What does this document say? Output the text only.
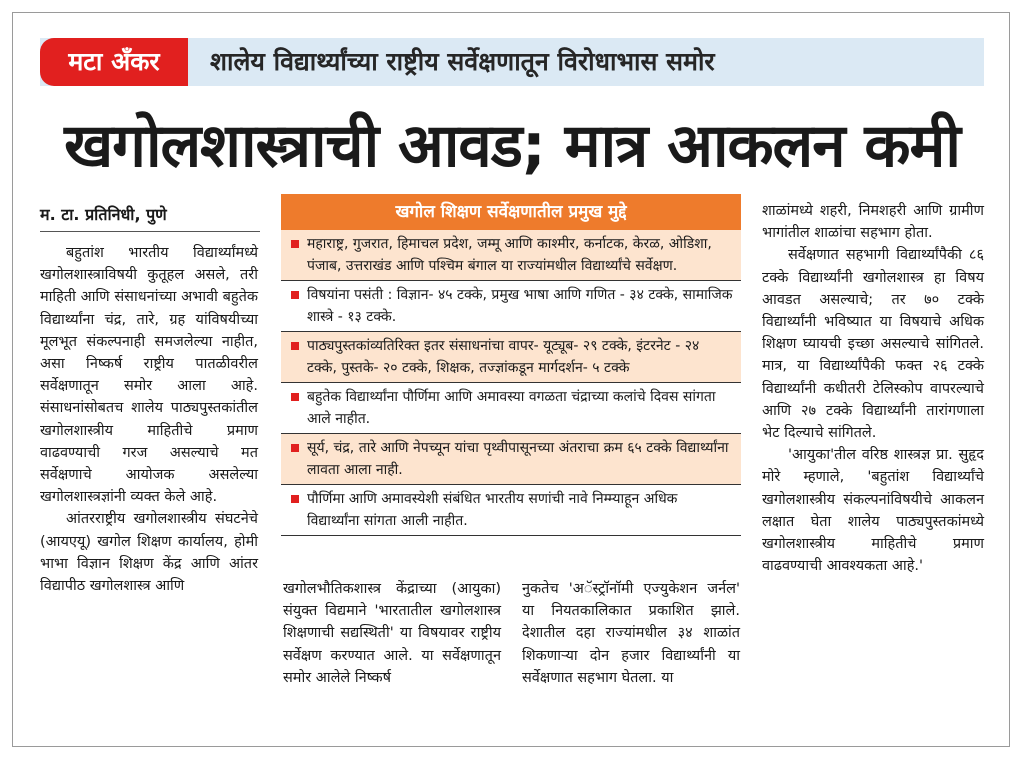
मटा अँकर	शालेय विद्यार्थ्यांच्या राष्ट्रीय सर्वेक्षणातून विरोधाभास समोर
खगोलशास्त्राची आवड; मात्र आकलन कमी
म. टा. प्रतिनिधी, पुणे

बहुतांश भारतीय विद्यार्थ्यांमध्ये खगोलशास्त्राविषयी कुतूहल असले, तरी माहिती आणि संसाधनांच्या अभावी बहुतेक विद्यार्थ्यांना चंद्र, तारे, ग्रह यांविषयीच्या मूलभूत संकल्पनाही समजलेल्या नाहीत, असा निष्कर्ष राष्ट्रीय पातळीवरील सर्वेक्षणातून समोर आला आहे. संसाधनांसोबतच शालेय पाठ्यपुस्तकांतील खगोलशास्त्रीय माहितीचे प्रमाण वाढवण्याची गरज असल्याचे मत सर्वेक्षणाचे आयोजक असलेल्या खगोलशास्त्रज्ञांनी व्यक्त केले आहे.

आंतरराष्ट्रीय खगोलशास्त्रीय संघटनेचे (आयएयू) खगोल शिक्षण कार्यालय, होमी भाभा विज्ञान शिक्षण केंद्र आणि आंतर विद्यापीठ खगोलशास्त्र आणि

खगोल शिक्षण सर्वेक्षणातील प्रमुख मुद्दे
महाराष्ट्र, गुजरात, हिमाचल प्रदेश, जम्मू आणि काश्मीर, कर्नाटक, केरळ, ओडिशा, पंजाब, उत्तराखंड आणि पश्चिम बंगाल या राज्यांमधील विद्यार्थ्यांचे सर्वेक्षण.
विषयांना पसंती : विज्ञान- ४५ टक्के, प्रमुख भाषा आणि गणित - ३४ टक्के, सामाजिक शास्त्रे - १३ टक्के.
पाठ्यपुस्तकांव्यतिरिक्त इतर संसाधनांचा वापर- यूट्यूब- २९ टक्के, इंटरनेट - २४ टक्के, पुस्तके- २० टक्के, शिक्षक, तज्ज्ञांकडून मार्गदर्शन- ५ टक्के
बहुतेक विद्यार्थ्यांना पौर्णिमा आणि अमावस्या वगळता चंद्राच्या कलांचे दिवस सांगता आले नाहीत.
सूर्य, चंद्र, तारे आणि नेपच्यून यांचा पृथ्वीपासूनच्या अंतराचा क्रम ६५ टक्के विद्यार्थ्यांना लावता आला नाही.
पौर्णिमा आणि अमावस्येशी संबंधित भारतीय सणांची नावे निम्म्याहून अधिक विद्यार्थ्यांना सांगता आली नाहीत.

खगोलभौतिकशास्त्र केंद्राच्या (आयुका) संयुक्त विद्यमाने 'भारतातील खगोलशास्त्र शिक्षणाची सद्यस्थिती' या विषयावर राष्ट्रीय सर्वेक्षण करण्यात आले. या सर्वेक्षणातून समोर आलेले निष्कर्ष

नुकतेच 'अॅस्ट्रॉनॉमी एज्युकेशन जर्नल' या नियतकालिकात प्रकाशित झाले. देशातील दहा राज्यांमधील ३४ शाळांत शिकणाऱ्या दोन हजार विद्यार्थ्यांनी या सर्वेक्षणात सहभाग घेतला. या

शाळांमध्ये शहरी, निमशहरी आणि ग्रामीण भागांतील शाळांचा सहभाग होता.

सर्वेक्षणात सहभागी विद्यार्थ्यांपैकी ८६ टक्के विद्यार्थ्यांनी खगोलशास्त्र हा विषय आवडत असल्याचे; तर ७० टक्के विद्यार्थ्यांनी भविष्यात या विषयाचे अधिक शिक्षण घ्यायची इच्छा असल्याचे सांगितले. मात्र, या विद्यार्थ्यांपैकी फक्त २६ टक्के विद्यार्थ्यांनी कधीतरी टेलिस्कोप वापरल्याचे आणि २७ टक्के विद्यार्थ्यांनी तारांगणाला भेट दिल्याचे सांगितले.

'आयुका'तील वरिष्ठ शास्त्रज्ञ प्रा. सुहृद मोरे म्हणाले, 'बहुतांश विद्यार्थ्यांचे खगोलशास्त्रीय संकल्पनांविषयीचे आकलन लक्षात घेता शालेय पाठ्यपुस्तकांमध्ये खगोलशास्त्रीय माहितीचे प्रमाण वाढवण्याची आवश्यकता आहे.'
